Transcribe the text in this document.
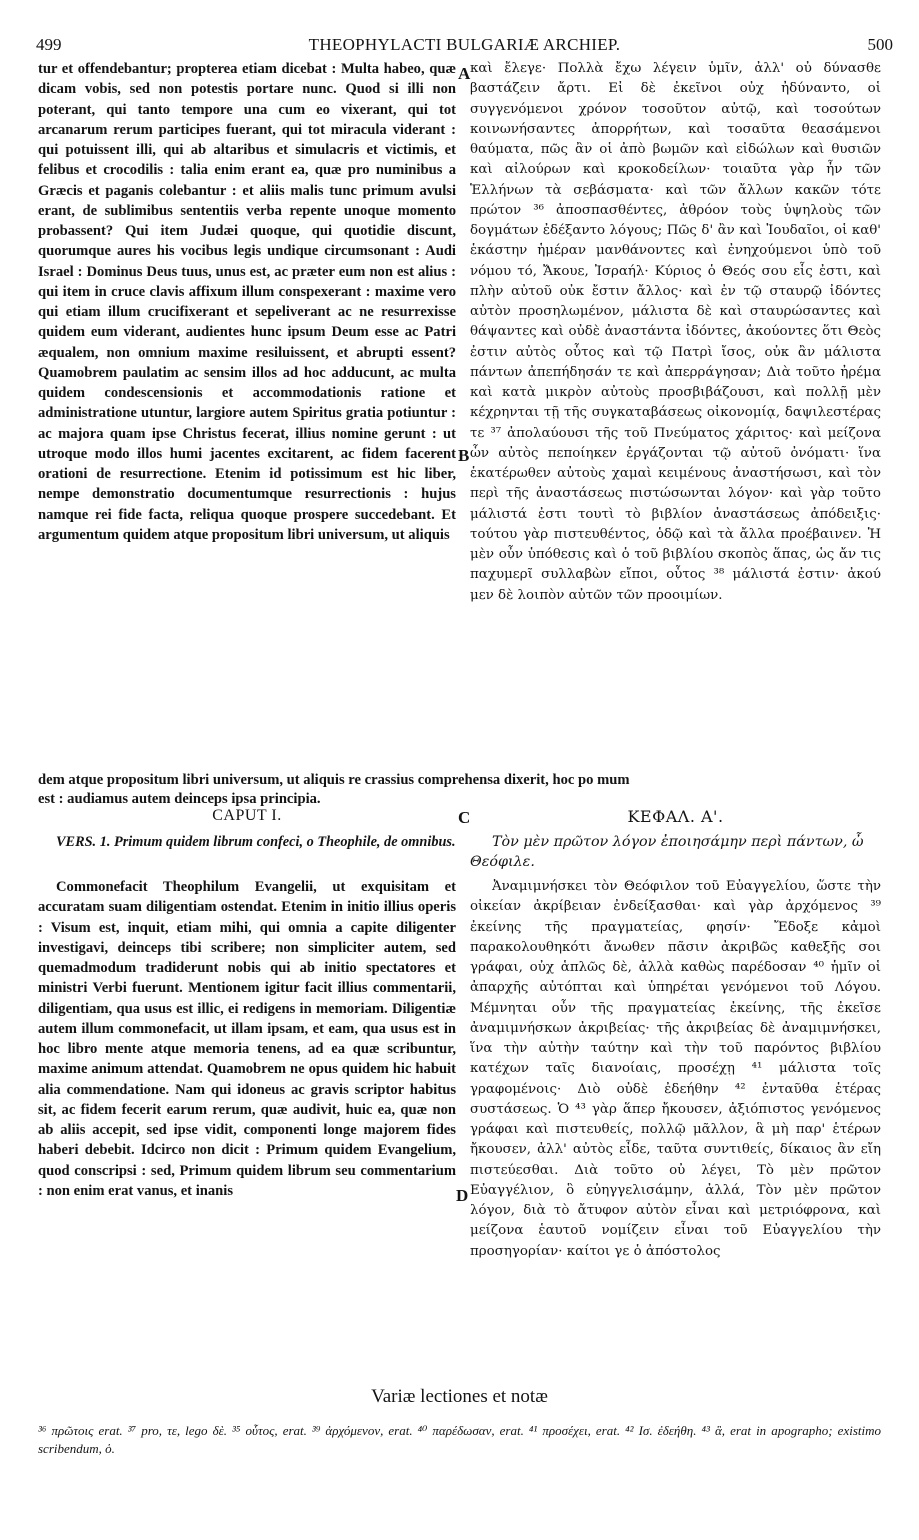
499	THEOPHYLACTI BULGARIÆ ARCHIEP.	500
tur et offendebantur; propterea etiam dicebat : Multa habeo, quæ dicam vobis, sed non potestis portare nunc. Quod si illi non poterant, qui tanto tempore una cum eo vixerant, qui tot arcanarum rerum participes fuerant, qui tot miracula viderant : qui potuissent illi, qui ab altaribus et simulacris et victimis, et felibus et crocodilis : talia enim erant ea, quæ pro numinibus a Græcis et paganis colebantur : et aliis malis tunc primum avulsi erant, de sublimibus sententiis verba repente unoque momento probassent? Qui item Judæi quoque, qui quotidie discunt, quorumque aures his vocibus legis undique circumsonant : Audi Israel : Dominus Deus tuus, unus est, ac præter eum non est alius : qui item in cruce clavis affixum illum conspexerant : maxime vero qui etiam illum crucifixerant et sepeliverant ac ne resurrexisse quidem eum viderant, audientes hunc ipsum Deum esse ac Patri æqualem, non omnium maxime resiluissent, et abrupti essent? Quamobrem paulatim ac sensim illos ad hoc adducunt, ac multa quidem condescensionis et accommodationis ratione et administratione utuntur, largiore autem Spiritus gratia potiuntur : ac majora quam ipse Christus fecerat, illius nomine gerunt : ut utroque modo illos humi jacentes excitarent, ac fidem facerent orationi de resurrectione. Etenim id potissimum est hic liber, nempe demonstratio documentumque resurrectionis : hujus namque rei fide facta, reliqua quoque prospere succedebant. Et argumentum quidem atque propositum libri universum, ut aliquis
καὶ ἔλεγε· Πολλὰ ἔχω λέγειν ὑμῖν, ἀλλ' οὐ δύνασθε βαστάζειν ἄρτι. Εἰ δὲ ἐκεῖνοι οὐχ ἠδύναντο, οἱ συγγενόμενοι χρόνον τοσοῦτον αὐτῷ, καὶ τοσούτων κοινωνήσαντες ἀπορρήτων, καὶ τοσαῦτα θεασάμενοι θαύματα, πῶς ἂν οἱ ἀπὸ βωμῶν καὶ εἰδώλων καὶ θυσιῶν καὶ αἰλούρων καὶ κροκοδείλων· τοιαῦτα γὰρ ἦν τῶν Ἑλλήνων τὰ σεβάσματα· καὶ τῶν ἄλλων κακῶν τότε πρώτον ³⁶ ἀποσπασθέντες, ἀθρόον τοὺς ὑψηλοὺς τῶν δογμάτων ἐδέξαντο λόγους; Πῶς δ' ἂν καὶ Ἰουδαῖοι, οἱ καθ' ἑκάστην ἡμέραν μανθάνοντες καὶ ἐνηχούμενοι ὑπὸ τοῦ νόμου τό, Ἄκουε, Ἰσραήλ· Κύριος ὁ Θεός σου εἷς ἐστι, καὶ πλὴν αὐτοῦ οὐκ ἔστιν ἄλλος· καὶ ἐν τῷ σταυρῷ ἰδόντες αὐτὸν προσηλωμένον, μάλιστα δὲ καὶ σταυρώσαντες καὶ θάψαντες καὶ οὐδὲ ἀναστάντα ἰδόντες, ἀκούοντες ὅτι Θεὸς ἐστιν αὐτὸς οὗτος καὶ τῷ Πατρὶ ἴσος, οὐκ ἂν μάλιστα πάντων ἀπεπήδησάν τε καὶ ἀπερράγησαν; Διὰ τοῦτο ἠρέμα καὶ κατὰ μικρὸν αὐτοὺς προσβιβάζουσι, καὶ πολλῇ μὲν κέχρηνται τῇ τῆς συγκαταβάσεως οἰκονομίᾳ, δαψιλεστέρας τε ³⁷ ἀπολαύουσι τῆς τοῦ Πνεύματος χάριτος· καὶ μείζονα ὧν αὐτὸς πεποίηκεν ἐργάζονται τῷ αὐτοῦ ὀνόματι· ἵνα ἑκατέρωθεν αὐτοὺς χαμαὶ κειμένους ἀναστήσωσι, καὶ τὸν περὶ τῆς ἀναστάσεως πιστώσωνται λόγον· καὶ γὰρ τοῦτο μάλιστά ἐστι τουτὶ τὸ βιβλίον ἀναστάσεως ἀπόδειξις· τούτου γὰρ πιστευθέντος, ὁδῷ καὶ τὰ ἄλλα προέβαινεν. Ἡ μὲν οὖν ὑπόθεσις καὶ ὁ τοῦ βιβλίου σκοπὸς ἅπας, ὡς ἄν τις παχυμερῖ συλλαβὼν εἴποι, οὗτος ³⁸ μάλιστά ἐστιν· ἀκού μεν δὲ λοιπὸν αὐτῶν τῶν προοιμίων.
A
B
C
D
dem atque propositum libri universum, ut aliquis re crassius comprehensa dixerit, hoc po mum
est : audiamus autem deinceps ipsa principia.
CAPUT I.	ΚΕΦΑΛ. Α'.
VERS. 1. Primum quidem librum confeci, o Theophile, de omnibus.	Τὸν μὲν πρῶτον λόγον ἐποιησάμην περὶ πάντων, ὦ Θεόφιλε.
Commonefacit Theophilum Evangelii, ut exquisitam et accuratam suam diligentiam ostendat. Etenim in initio illius operis : Visum est, inquit, etiam mihi, qui omnia a capite diligenter investigavi, deinceps tibi scribere; non simpliciter autem, sed quemadmodum tradiderunt nobis qui ab initio spectatores et ministri Verbi fuerunt. Mentionem igitur facit illius commentarii, diligentiam, qua usus est illic, ei redigens in memoriam. Diligentiæ autem illum commonefacit, ut illam ipsam, et eam, qua usus est in hoc libro mente atque memoria tenens, ad ea quæ scribuntur, maxime animum attendat. Quamobrem ne opus quidem hic habuit alia commendatione. Nam qui idoneus ac gravis scriptor habitus sit, ac fidem fecerit earum rerum, quæ audivit, huic ea, quæ non ab aliis accepit, sed ipse vidit, componenti longe majorem fides haberi debebit. Idcirco non dicit : Primum quidem Evangelium, quod conscripsi : sed, Primum quidem librum seu commentarium : non enim erat vanus, et inanis
Ἀναμιμνήσκει τὸν Θεόφιλον τοῦ Εὐαγγελίου, ὥστε τὴν οἰκείαν ἀκρίβειαν ἐνδείξασθαι· καὶ γὰρ ἀρχόμενος ³⁹ ἐκείνης τῆς πραγματείας, φησίν· Ἔδοξε κἀμοὶ παρακολουθηκότι ἄνωθεν πᾶσιν ἀκριβῶς καθεξῆς σοι γράφαι, οὐχ ἁπλῶς δὲ, ἀλλὰ καθὼς παρέδοσαν ⁴⁰ ἡμῖν οἱ ἀπαρχῆς αὐτόπται καὶ ὑπηρέται γενόμενοι τοῦ Λόγου. Μέμνηται οὖν τῆς πραγματείας ἐκείνης, τῆς ἐκεῖσε ἀναμιμνήσκων ἀκριβείας· τῆς ἀκριβείας δὲ ἀναμιμνήσκει, ἵνα τὴν αὐτὴν ταύτην καὶ τὴν τοῦ παρόντος βιβλίου κατέχων ταῖς διανοίαις, προσέχῃ ⁴¹ μάλιστα τοῖς γραφομένοις· Διὸ οὐδὲ ἐδεήθην ⁴² ἐνταῦθα ἑτέρας συστάσεως. Ὁ ⁴³ γὰρ ἅπερ ἤκουσεν, ἀξιόπιστος γενόμενος γράφαι καὶ πιστευθείς, πολλῷ μᾶλλον, ἃ μὴ παρ' ἑτέρων ἤκουσεν, ἀλλ' αὐτὸς εἶδε, ταῦτα συντιθείς, δίκαιος ἂν εἴη πιστεύεσθαι. Διὰ τοῦτο οὐ λέγει, Τὸ μὲν πρῶτον Εὐαγγέλιον, ὃ εὐηγγελισάμην, ἀλλά, Τὸν μὲν πρῶτον λόγον, διὰ τὸ ἄτυφον αὐτὸν εἶναι καὶ μετριόφρονα, καὶ μείζονα ἑαυτοῦ νομίζειν εἶναι τοῦ Εὐαγγελίου τὴν προσηγορίαν· καίτοι γε ὁ ἀπόστολος
Variæ lectiones et notæ
³⁶ πρῶτοις erat. ³⁷ pro, τε, lego δὲ. ³⁵ οὗτος, erat. ³⁹ ἀρχόμενον, erat. ⁴⁰ παρέδωσαν, erat. ⁴¹ προσέχει, erat. ⁴² Ισ. ἐδεήθη. ⁴³ ἃ, erat in apographo; existimo scribendum, ὁ.
